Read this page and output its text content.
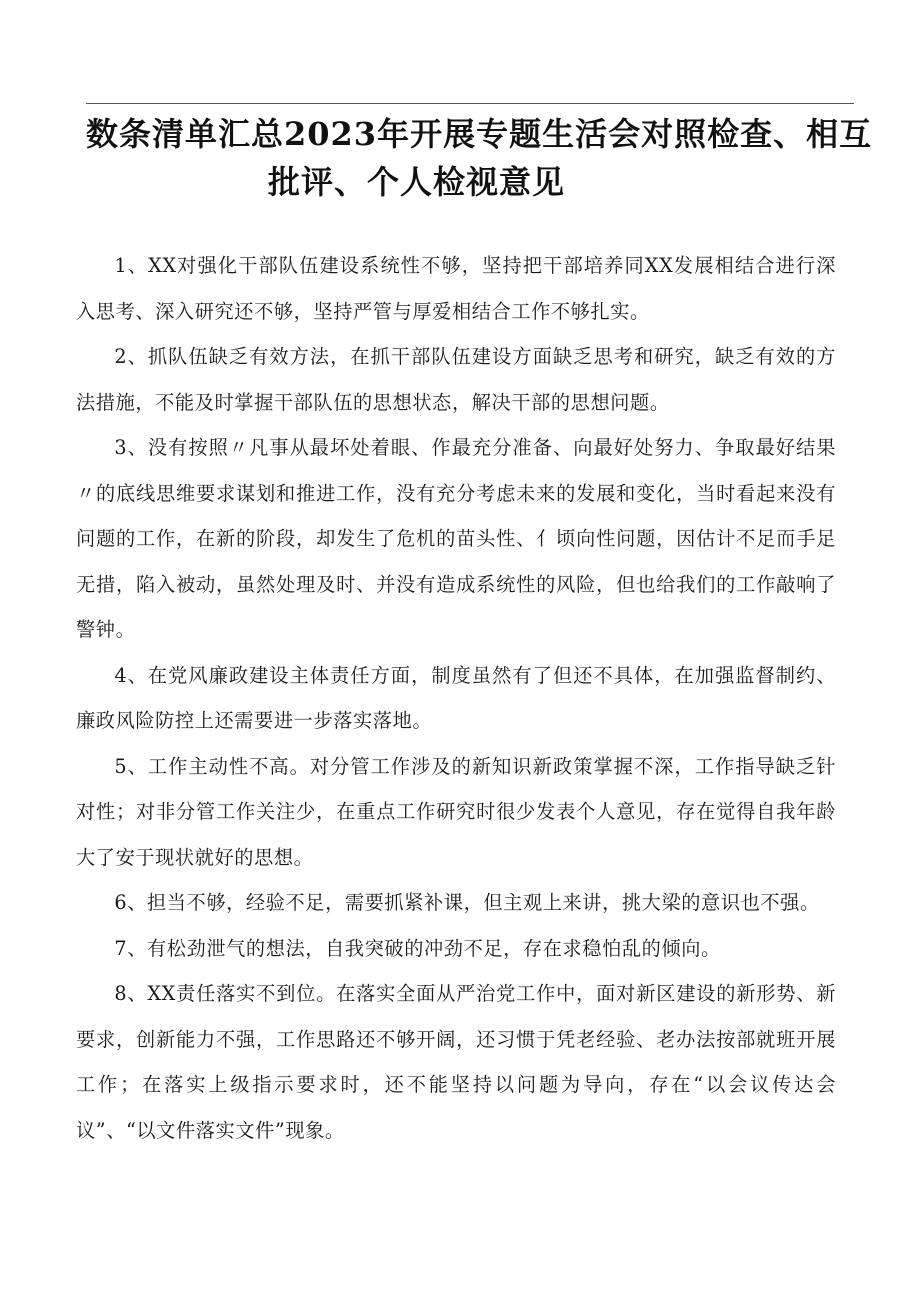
数条清单汇总2023年开展专题生活会对照检查、相互
批评、个人检视意见

1、XX对强化干部队伍建设系统性不够，坚持把干部培养同XX发展相结合进行深入思考、深入研究还不够，坚持严管与厚爱相结合工作不够扎实。

2、抓队伍缺乏有效方法，在抓干部队伍建设方面缺乏思考和研究，缺乏有效的方法措施，不能及时掌握干部队伍的思想状态，解决干部的思想问题。

3、没有按照〃凡事从最坏处着眼、作最充分准备、向最好处努力、争取最好结果〃的底线思维要求谋划和推进工作，没有充分考虑未来的发展和变化，当时看起来没有问题的工作，在新的阶段，却发生了危机的苗头性、亻顷向性问题，因估计不足而手足无措，陷入被动，虽然处理及时、并没有造成系统性的风险，但也给我们的工作敲响了警钟。

4、在党风廉政建设主体责任方面，制度虽然有了但还不具体，在加强监督制约、廉政风险防控上还需要进一步落实落地。

5、工作主动性不高。对分管工作涉及的新知识新政策掌握不深，工作指导缺乏针对性；对非分管工作关注少，在重点工作研究时很少发表个人意见，存在觉得自我年龄大了安于现状就好的思想。

6、担当不够，经验不足，需要抓紧补课，但主观上来讲，挑大梁的意识也不强。

7、有松劲泄气的想法，自我突破的冲劲不足，存在求稳怕乱的倾向。

8、XX责任落实不到位。在落实全面从严治党工作中，面对新区建设的新形势、新要求，创新能力不强，工作思路还不够开阔，还习惯于凭老经验、老办法按部就班开展工作；在落实上级指示要求时，还不能坚持以问题为导向，存在“以会议传达会议”、“以文件落实文件”现象。
